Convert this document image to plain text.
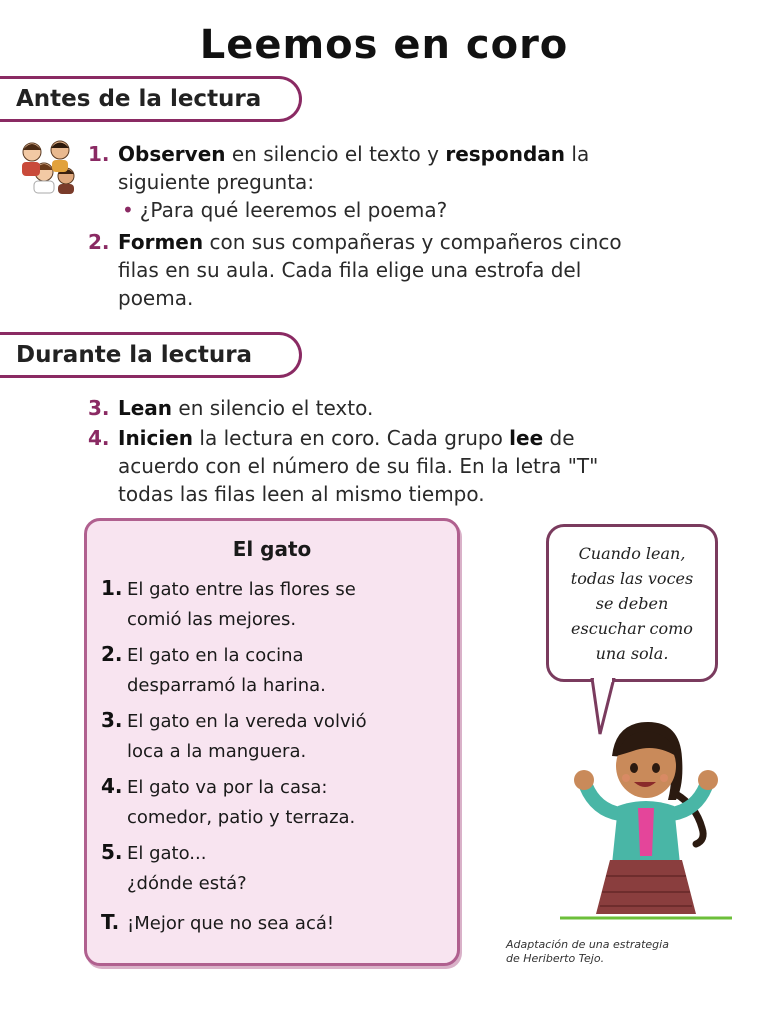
Leemos en coro
Antes de la lectura
1. Observen en silencio el texto y respondan la
siguiente pregunta:
• ¿Para qué leeremos el poema?
2. Formen con sus compañeras y compañeros cinco
filas en su aula. Cada fila elige una estrofa del
poema.
Durante la lectura
3. Lean en silencio el texto.
4. Inicien la lectura en coro. Cada grupo lee de
acuerdo con el número de su fila. En la letra "T"
todas las filas leen al mismo tiempo.
El gato
1. El gato entre las flores se
comió las mejores.
2. El gato en la cocina
desparramó la harina.
3. El gato en la vereda volvió
loca a la manguera.
4. El gato va por la casa:
comedor, patio y terraza.
5. El gato...
¿dónde está?
T. ¡Mejor que no sea acá!
Cuando lean,
todas las voces
se deben
escuchar como
una sola.
Adaptación de una estrategia
de Heriberto Tejo.
